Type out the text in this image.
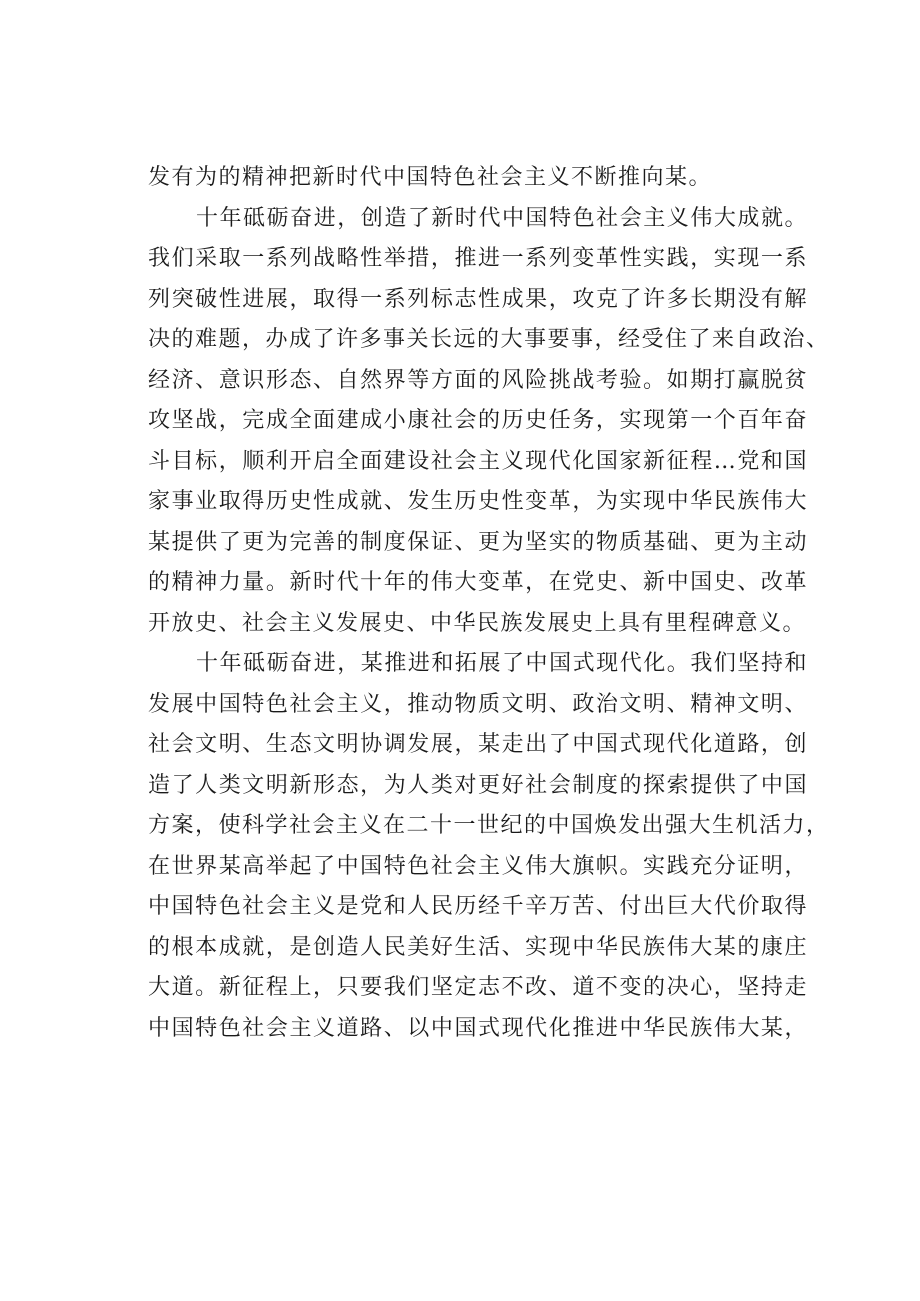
发有为的精神把新时代中国特色社会主义不断推向某。
十年砥砺奋进，创造了新时代中国特色社会主义伟大成就。
我们采取一系列战略性举措，推进一系列变革性实践，实现一系
列突破性进展，取得一系列标志性成果，攻克了许多长期没有解
决的难题，办成了许多事关长远的大事要事，经受住了来自政治、
经济、意识形态、自然界等方面的风险挑战考验。如期打赢脱贫
攻坚战，完成全面建成小康社会的历史任务，实现第一个百年奋
斗目标，顺利开启全面建设社会主义现代化国家新征程…党和国
家事业取得历史性成就、发生历史性变革，为实现中华民族伟大
某提供了更为完善的制度保证、更为坚实的物质基础、更为主动
的精神力量。新时代十年的伟大变革，在党史、新中国史、改革
开放史、社会主义发展史、中华民族发展史上具有里程碑意义。
十年砥砺奋进，某推进和拓展了中国式现代化。我们坚持和
发展中国特色社会主义，推动物质文明、政治文明、精神文明、
社会文明、生态文明协调发展，某走出了中国式现代化道路，创
造了人类文明新形态，为人类对更好社会制度的探索提供了中国
方案，使科学社会主义在二十一世纪的中国焕发出强大生机活力，
在世界某高举起了中国特色社会主义伟大旗帜。实践充分证明，
中国特色社会主义是党和人民历经千辛万苦、付出巨大代价取得
的根本成就，是创造人民美好生活、实现中华民族伟大某的康庄
大道。新征程上，只要我们坚定志不改、道不变的决心，坚持走
中国特色社会主义道路、以中国式现代化推进中华民族伟大某，
